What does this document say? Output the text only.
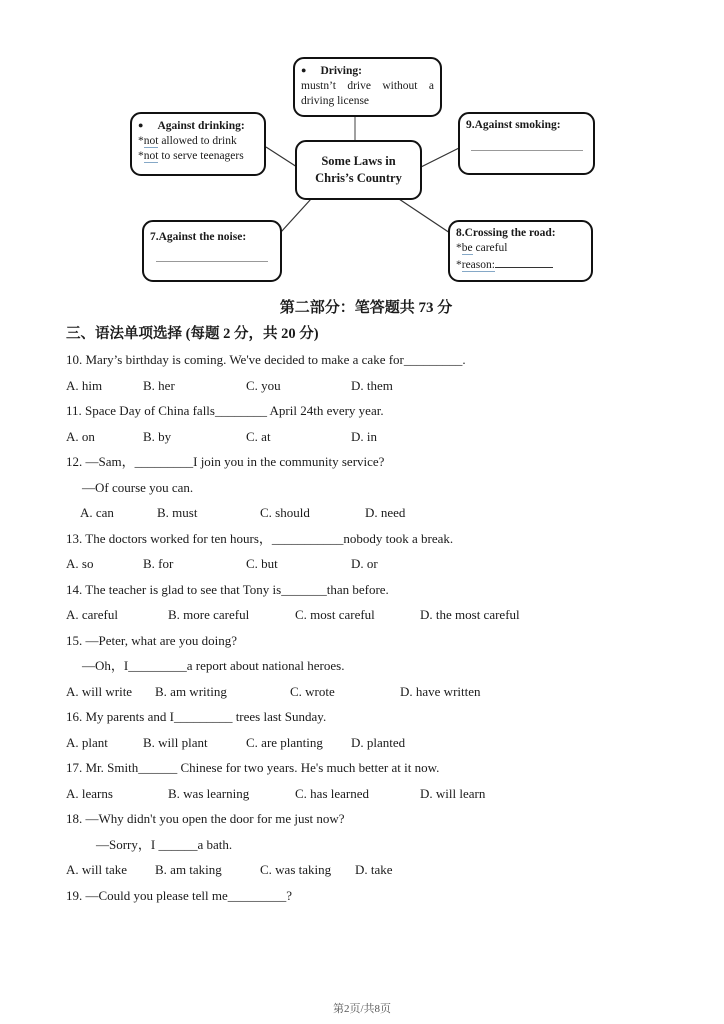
● Driving:
mustn’t drive without a driving license
● Against drinking:
*not allowed to drink
*not to serve teenagers
9.Against smoking:
Some Laws in
Chris’s Country
7.Against the noise:	8.Crossing the road:
*be careful
*reason:

第二部分：笔答题共 73 分

三、语法单项选择 (每题 2 分，共 20 分)

10. Mary’s birthday is coming. We've decided to make a cake for_________.

A. him	B. her	C. you	D. them

11. Space Day of China falls________ April 24th every year.

A. on	B. by	C. at	D. in

12. —Sam，_________I join you in the community service?

—Of course you can.

A. can	B. must	C. should	D. need

13. The doctors worked for ten hours，___________nobody took a break.

A. so	B. for	C. but	D. or

14. The teacher is glad to see that Tony is_______than before.

A. careful	B. more careful	C. most careful	D. the most careful

15. —Peter, what are you doing?

—Oh，I_________a report about national heroes.

A. will write B. am writing	C. wrote	D. have written

16. My parents and I_________ trees last Sunday.

A. plant	B. will plant	C. are planting D. planted

17. Mr. Smith______ Chinese for two years. He's much better at it now.

A. learns	B. was learning	C. has learned	D. will learn

18. —Why didn't you open the door for me just now?

—Sorry，I ______a bath.

A. will take B. am taking	C. was taking D. take

19. —Could you please tell me_________?

第2页/共8页
